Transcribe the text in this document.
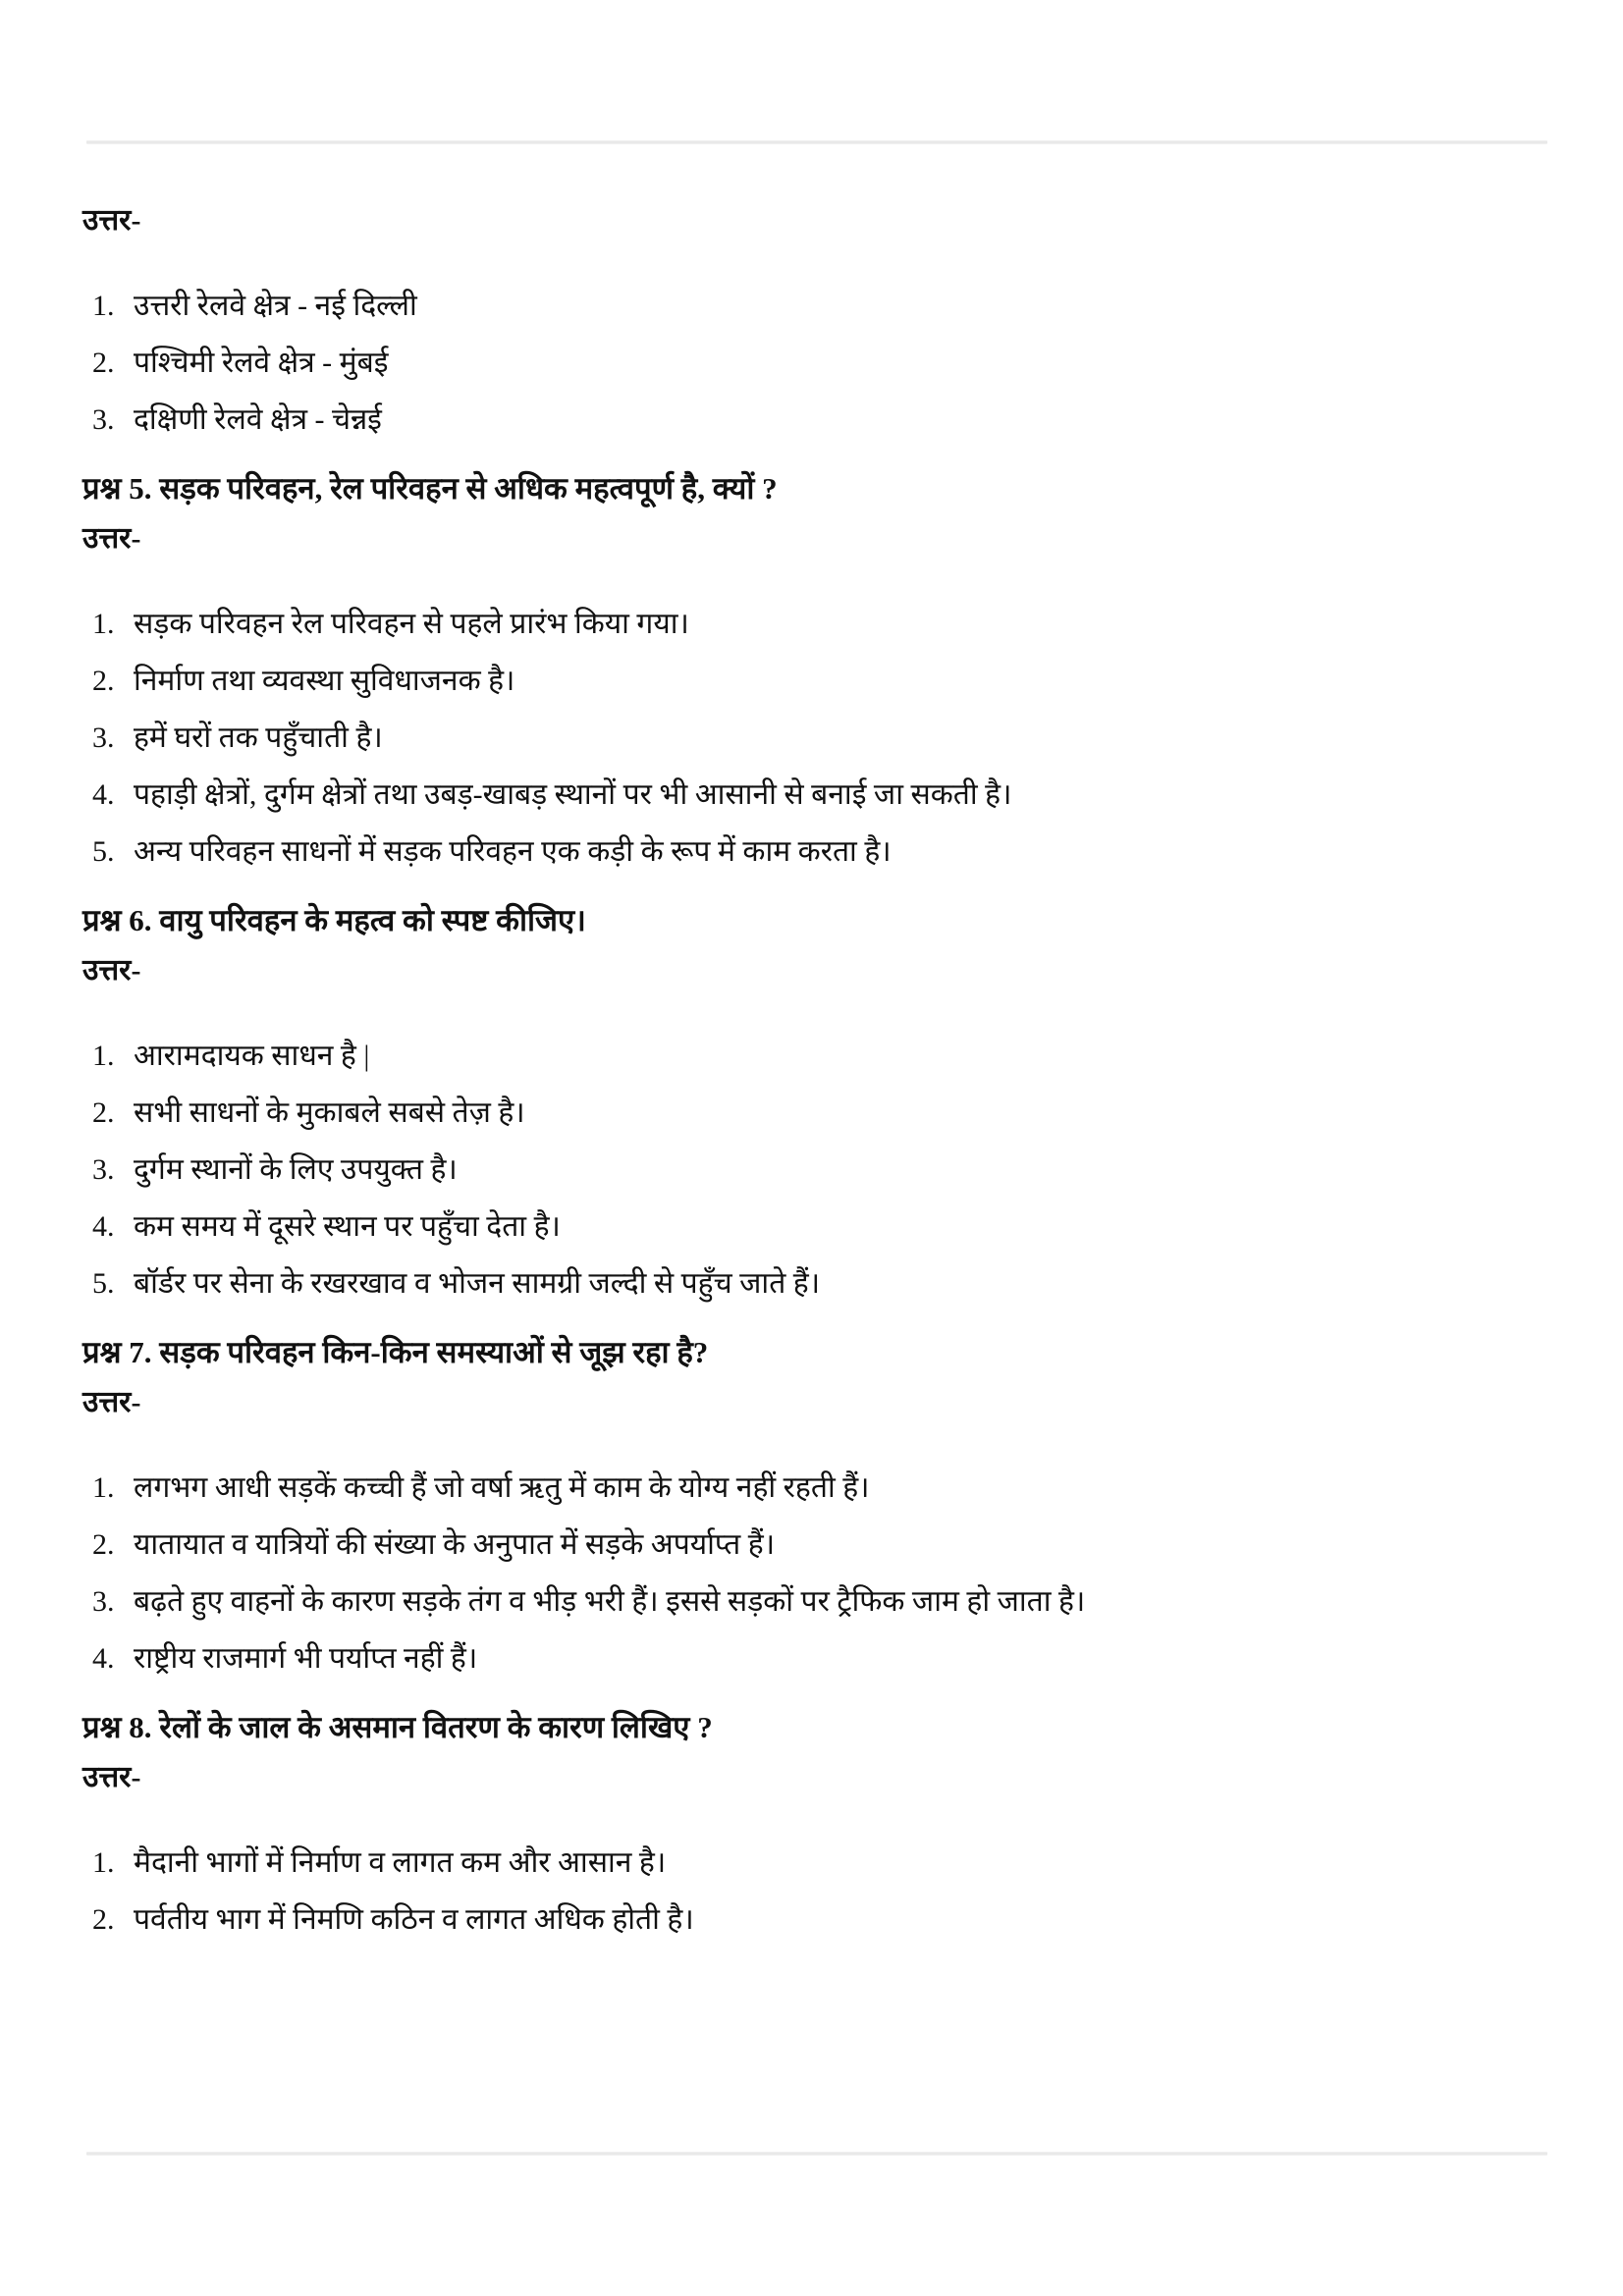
उत्तर-

1. उत्तरी रेलवे क्षेत्र - नई दिल्ली
2. पश्चिमी रेलवे क्षेत्र - मुंबई
3. दक्षिणी रेलवे क्षेत्र - चेन्नई

प्रश्न 5. सड़क परिवहन, रेल परिवहन से अधिक महत्वपूर्ण है, क्यों ?

उत्तर-

1. सड़क परिवहन रेल परिवहन से पहले प्रारंभ किया गया।
2. निर्माण तथा व्यवस्था सुविधाजनक है।
3. हमें घरों तक पहुँचाती है।
4. पहाड़ी क्षेत्रों, दुर्गम क्षेत्रों तथा उबड़-खाबड़ स्थानों पर भी आसानी से बनाई जा सकती है।
5. अन्य परिवहन साधनों में सड़क परिवहन एक कड़ी के रूप में काम करता है।

प्रश्न 6. वायु परिवहन के महत्व को स्पष्ट कीजिए।

उत्तर-

1. आरामदायक साधन है |
2. सभी साधनों के मुकाबले सबसे तेज़ है।
3. दुर्गम स्थानों के लिए उपयुक्त है।
4. कम समय में दूसरे स्थान पर पहुँचा देता है।
5. बॉर्डर पर सेना के रखरखाव व भोजन सामग्री जल्दी से पहुँच जाते हैं।

प्रश्न 7. सड़क परिवहन किन-किन समस्याओं से जूझ रहा है?

उत्तर-

1. लगभग आधी सड़कें कच्ची हैं जो वर्षा ऋतु में काम के योग्य नहीं रहती हैं।
2. यातायात व यात्रियों की संख्या के अनुपात में सड़के अपर्याप्त हैं।
3. बढ़ते हुए वाहनों के कारण सड़के तंग व भीड़ भरी हैं। इससे सड़कों पर ट्रैफिक जाम हो जाता है।
4. राष्ट्रीय राजमार्ग भी पर्याप्त नहीं हैं।

प्रश्न 8. रेलों के जाल के असमान वितरण के कारण लिखिए ?

उत्तर-

1. मैदानी भागों में निर्माण व लागत कम और आसान है।
2. पर्वतीय भाग में निमणि कठिन व लागत अधिक होती है।
